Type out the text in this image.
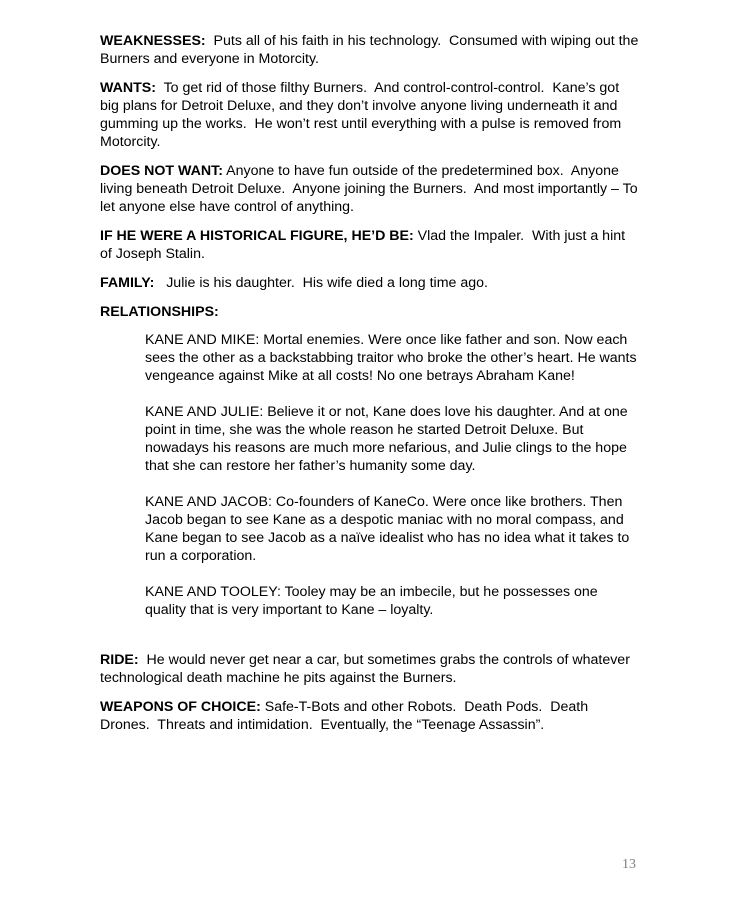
WEAKNESSES:  Puts all of his faith in his technology.  Consumed with wiping out the Burners and everyone in Motorcity.

WANTS:  To get rid of those filthy Burners.  And control-control-control.  Kane’s got big plans for Detroit Deluxe, and they don’t involve anyone living underneath it and gumming up the works.  He won’t rest until everything with a pulse is removed from Motorcity.

DOES NOT WANT: Anyone to have fun outside of the predetermined box.  Anyone living beneath Detroit Deluxe.  Anyone joining the Burners.  And most importantly – To let anyone else have control of anything.

IF HE WERE A HISTORICAL FIGURE, HE’D BE: Vlad the Impaler.  With just a hint of Joseph Stalin.

FAMILY:   Julie is his daughter.  His wife died a long time ago.

RELATIONSHIPS:

KANE AND MIKE: Mortal enemies. Were once like father and son. Now each sees the other as a backstabbing traitor who broke the other’s heart. He wants vengeance against Mike at all costs! No one betrays Abraham Kane!

KANE AND JULIE: Believe it or not, Kane does love his daughter. And at one point in time, she was the whole reason he started Detroit Deluxe. But nowadays his reasons are much more nefarious, and Julie clings to the hope that she can restore her father’s humanity some day.

KANE AND JACOB: Co-founders of KaneCo. Were once like brothers. Then Jacob began to see Kane as a despotic maniac with no moral compass, and Kane began to see Jacob as a naïve idealist who has no idea what it takes to run a corporation.

KANE AND TOOLEY: Tooley may be an imbecile, but he possesses one quality that is very important to Kane – loyalty.

RIDE:  He would never get near a car, but sometimes grabs the controls of whatever technological death machine he pits against the Burners.

WEAPONS OF CHOICE: Safe-T-Bots and other Robots.  Death Pods.  Death Drones.  Threats and intimidation.  Eventually, the “Teenage Assassin”.

13
